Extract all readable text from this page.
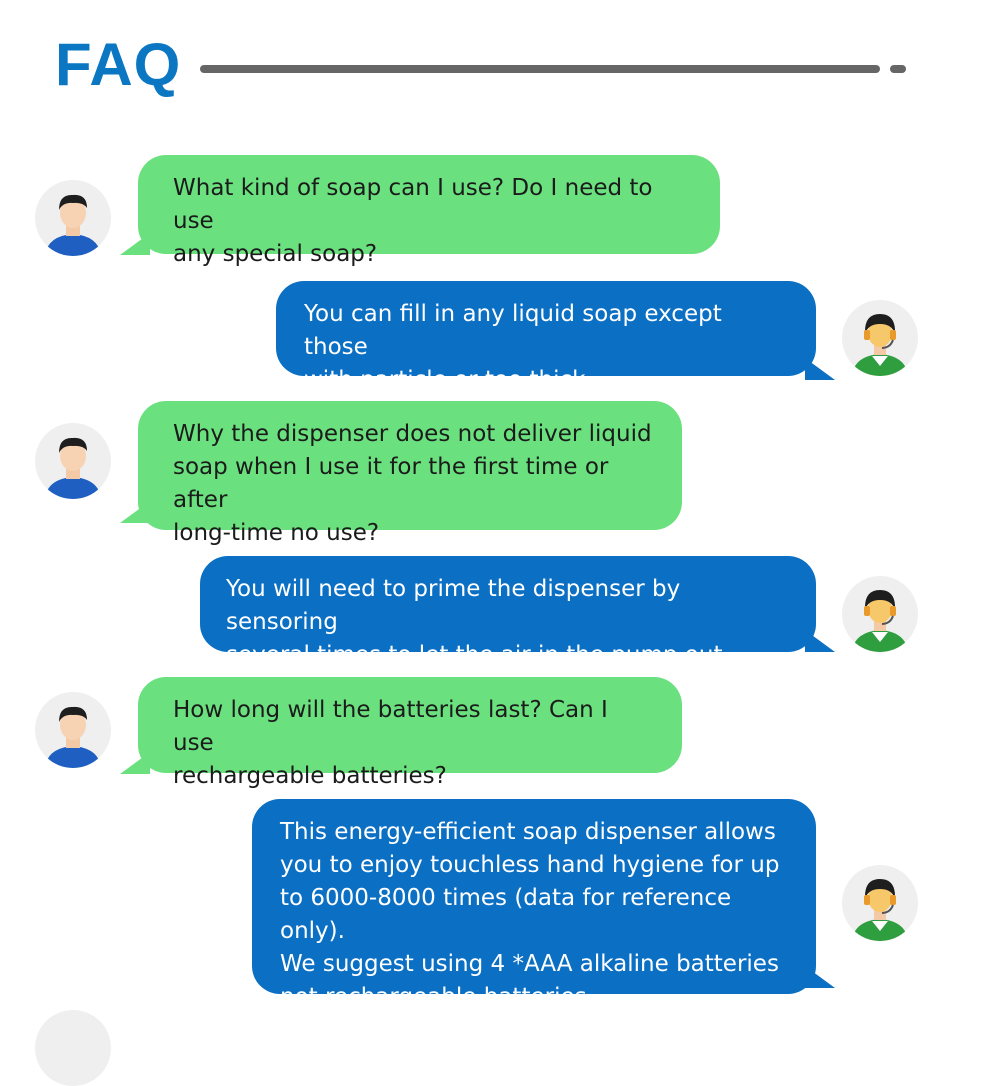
FAQ
What kind of soap can I use? Do I need to use
any special soap?
You can fill in any liquid soap except those
with particle or too thick.
Why the dispenser does not deliver liquid
soap when I use it for the first time or after
long-time no use?
You will need to prime the dispenser by sensoring
several times to let the air in the pump out.
How long will the batteries last? Can I use
rechargeable batteries?
This energy-efficient soap dispenser allows
you to enjoy touchless hand hygiene for up
to 6000-8000 times (data for reference only).
We suggest using 4 *AAA alkaline batteries
not rechargeable batteries.
